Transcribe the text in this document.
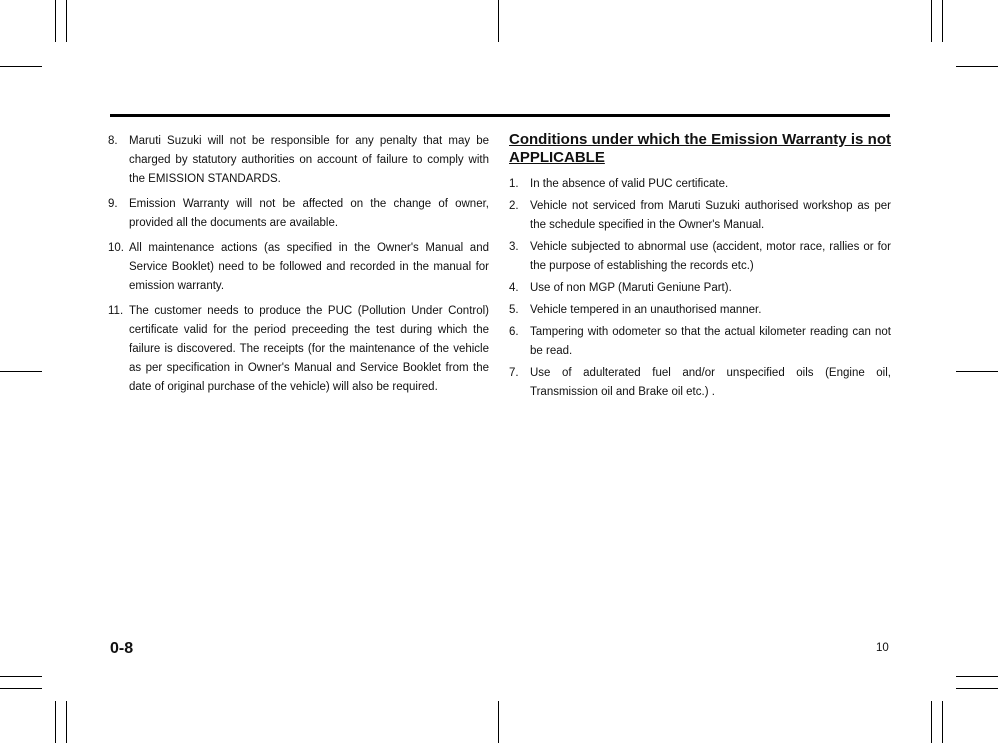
8. Maruti Suzuki will not be responsible for any penalty that may be charged by statutory authorities on account of failure to comply with the EMISSION STANDARDS.
9. Emission Warranty will not be affected on the change of owner, provided all the documents are available.
10. All maintenance actions (as specified in the Owner's Manual and Service Booklet) need to be followed and recorded in the manual for emission warranty.
11. The customer needs to produce the PUC (Pollution Under Control) certificate valid for the period preceeding the test during which the failure is discovered. The receipts (for the maintenance of the vehicle as per specification in Owner's Manual and Service Booklet from the date of original purchase of the vehicle) will also be required.
Conditions under which the Emission Warranty is not
APPLICABLE
1. In the absence of valid PUC certificate.
2. Vehicle not serviced from Maruti Suzuki authorised workshop as per the schedule specified in the Owner's Manual.
3. Vehicle subjected to abnormal use (accident, motor race, rallies or for the purpose of establishing the records etc.)
4. Use of non MGP (Maruti Geniune Part).
5. Vehicle tempered in an unauthorised manner.
6. Tampering with odometer so that the actual kilometer reading can not be read.
7. Use of adulterated fuel and/or unspecified oils (Engine oil, Transmission oil and Brake oil etc.) .
0-8	10
